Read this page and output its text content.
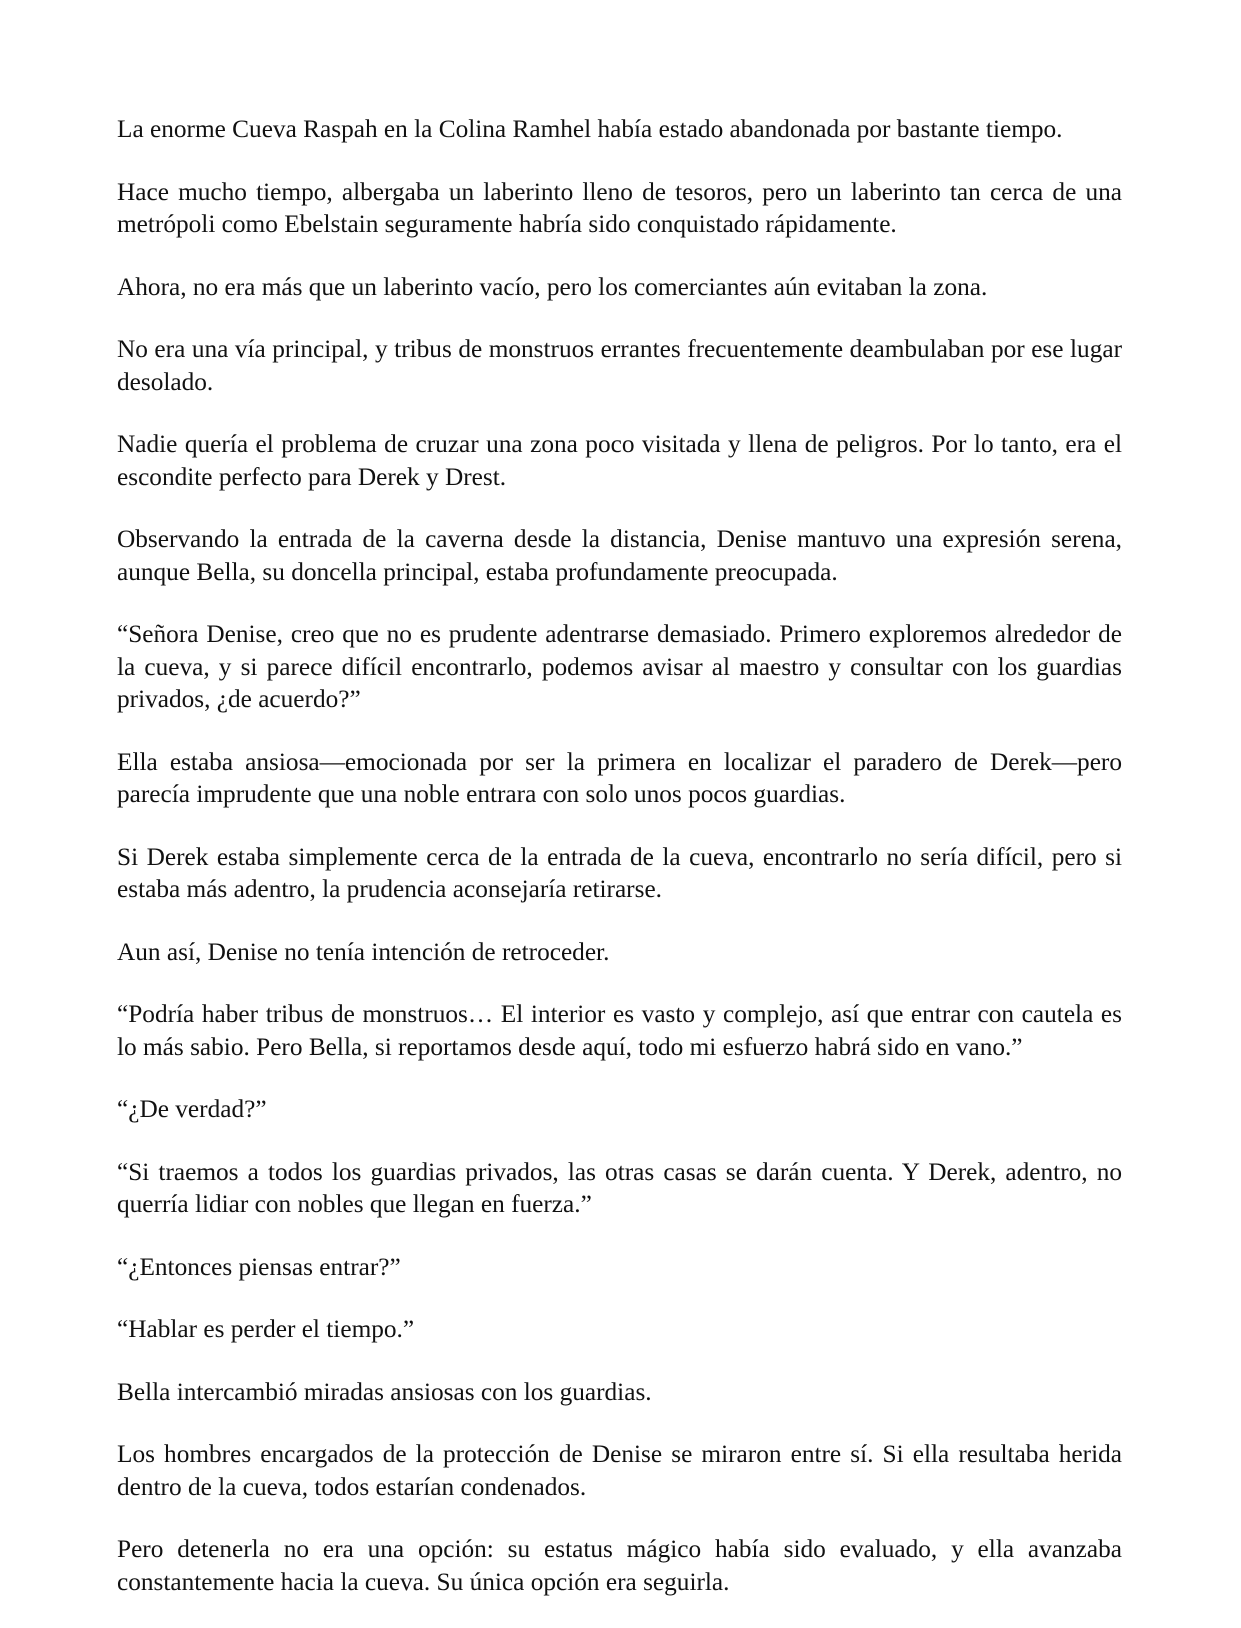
La enorme Cueva Raspah en la Colina Ramhel había estado abandonada por bastante tiempo.

Hace mucho tiempo, albergaba un laberinto lleno de tesoros, pero un laberinto tan cerca de una metrópoli como Ebelstain seguramente habría sido conquistado rápidamente.

Ahora, no era más que un laberinto vacío, pero los comerciantes aún evitaban la zona.

No era una vía principal, y tribus de monstruos errantes frecuentemente deambulaban por ese lugar desolado.

Nadie quería el problema de cruzar una zona poco visitada y llena de peligros. Por lo tanto, era el escondite perfecto para Derek y Drest.

Observando la entrada de la caverna desde la distancia, Denise mantuvo una expresión serena, aunque Bella, su doncella principal, estaba profundamente preocupada.

“Señora Denise, creo que no es prudente adentrarse demasiado. Primero exploremos alrededor de la cueva, y si parece difícil encontrarlo, podemos avisar al maestro y consultar con los guardias privados, ¿de acuerdo?”

Ella estaba ansiosa—emocionada por ser la primera en localizar el paradero de Derek—pero parecía imprudente que una noble entrara con solo unos pocos guardias.

Si Derek estaba simplemente cerca de la entrada de la cueva, encontrarlo no sería difícil, pero si estaba más adentro, la prudencia aconsejaría retirarse.

Aun así, Denise no tenía intención de retroceder.

“Podría haber tribus de monstruos… El interior es vasto y complejo, así que entrar con cautela es lo más sabio. Pero Bella, si reportamos desde aquí, todo mi esfuerzo habrá sido en vano.”

“¿De verdad?”

“Si traemos a todos los guardias privados, las otras casas se darán cuenta. Y Derek, adentro, no querría lidiar con nobles que llegan en fuerza.”

“¿Entonces piensas entrar?”

“Hablar es perder el tiempo.”

Bella intercambió miradas ansiosas con los guardias.

Los hombres encargados de la protección de Denise se miraron entre sí. Si ella resultaba herida dentro de la cueva, todos estarían condenados.

Pero detenerla no era una opción: su estatus mágico había sido evaluado, y ella avanzaba constantemente hacia la cueva. Su única opción era seguirla.
